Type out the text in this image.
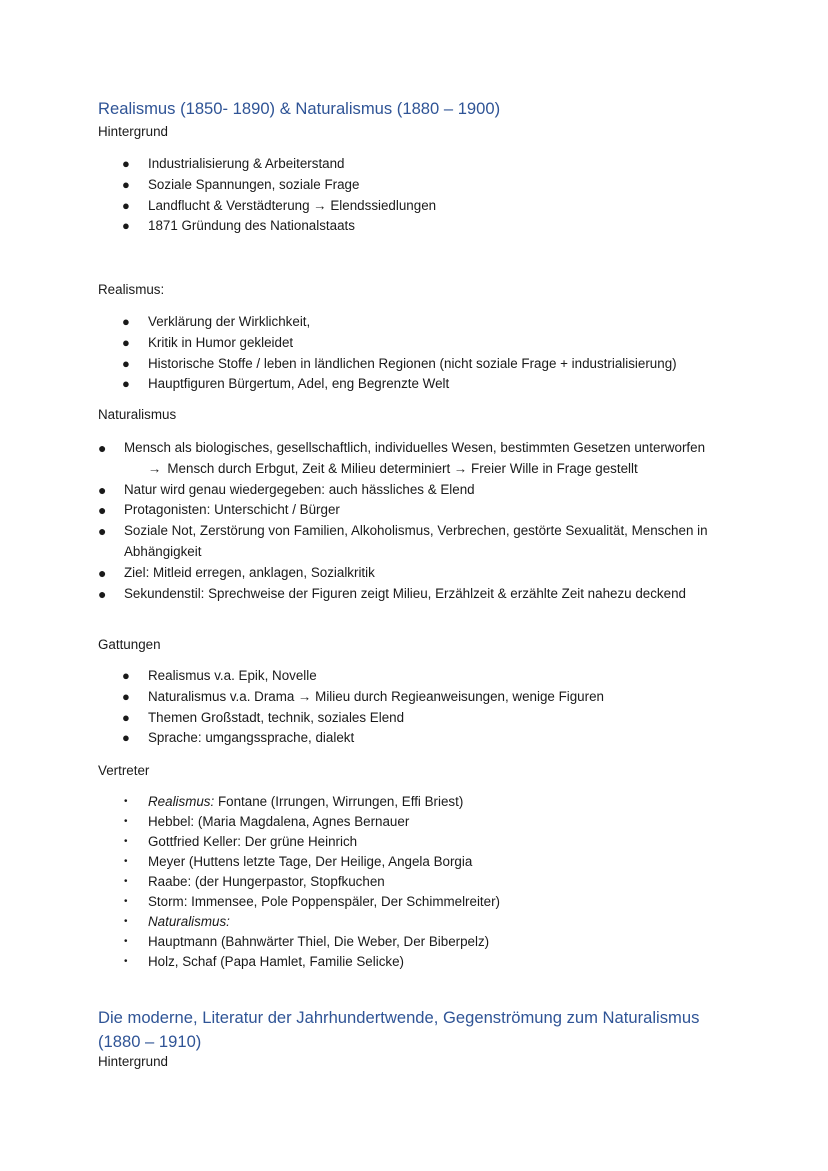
Realismus (1850- 1890) & Naturalismus (1880 – 1900)

Hintergrund

● Industrialisierung & Arbeiterstand
● Soziale Spannungen, soziale Frage
● Landflucht & Verstädterung → Elendssiedlungen
● 1871 Gründung des Nationalstaats

Realismus:

● Verklärung der Wirklichkeit,
● Kritik in Humor gekleidet
● Historische Stoffe / leben in ländlichen Regionen (nicht soziale Frage + industrialisierung)
● Hauptfiguren Bürgertum, Adel, eng Begrenzte Welt

Naturalismus

● Mensch als biologisches, gesellschaftlich, individuelles Wesen, bestimmten Gesetzen unterworfen
→ Mensch durch Erbgut, Zeit & Milieu determiniert → Freier Wille in Frage gestellt
● Natur wird genau wiedergegeben: auch hässliches & Elend
● Protagonisten: Unterschicht / Bürger
● Soziale Not, Zerstörung von Familien, Alkoholismus, Verbrechen, gestörte Sexualität, Menschen in Abhängigkeit
● Ziel: Mitleid erregen, anklagen, Sozialkritik
● Sekundenstil: Sprechweise der Figuren zeigt Milieu, Erzählzeit & erzählte Zeit nahezu deckend

Gattungen

● Realismus v.a. Epik, Novelle
● Naturalismus v.a. Drama → Milieu durch Regieanweisungen, wenige Figuren
● Themen Großstadt, technik, soziales Elend
● Sprache: umgangssprache, dialekt

Vertreter

• Realismus: Fontane (Irrungen, Wirrungen, Effi Briest)
• Hebbel: (Maria Magdalena, Agnes Bernauer
• Gottfried Keller: Der grüne Heinrich
• Meyer (Huttens letzte Tage, Der Heilige, Angela Borgia
• Raabe: (der Hungerpastor, Stopfkuchen
• Storm: Immensee, Pole Poppenspäler, Der Schimmelreiter)
• Naturalismus:
• Hauptmann (Bahnwärter Thiel, Die Weber, Der Biberpelz)
• Holz, Schaf (Papa Hamlet, Familie Selicke)
Die moderne, Literatur der Jahrhundertwende, Gegenströmung zum Naturalismus (1880 – 1910)

Hintergrund
